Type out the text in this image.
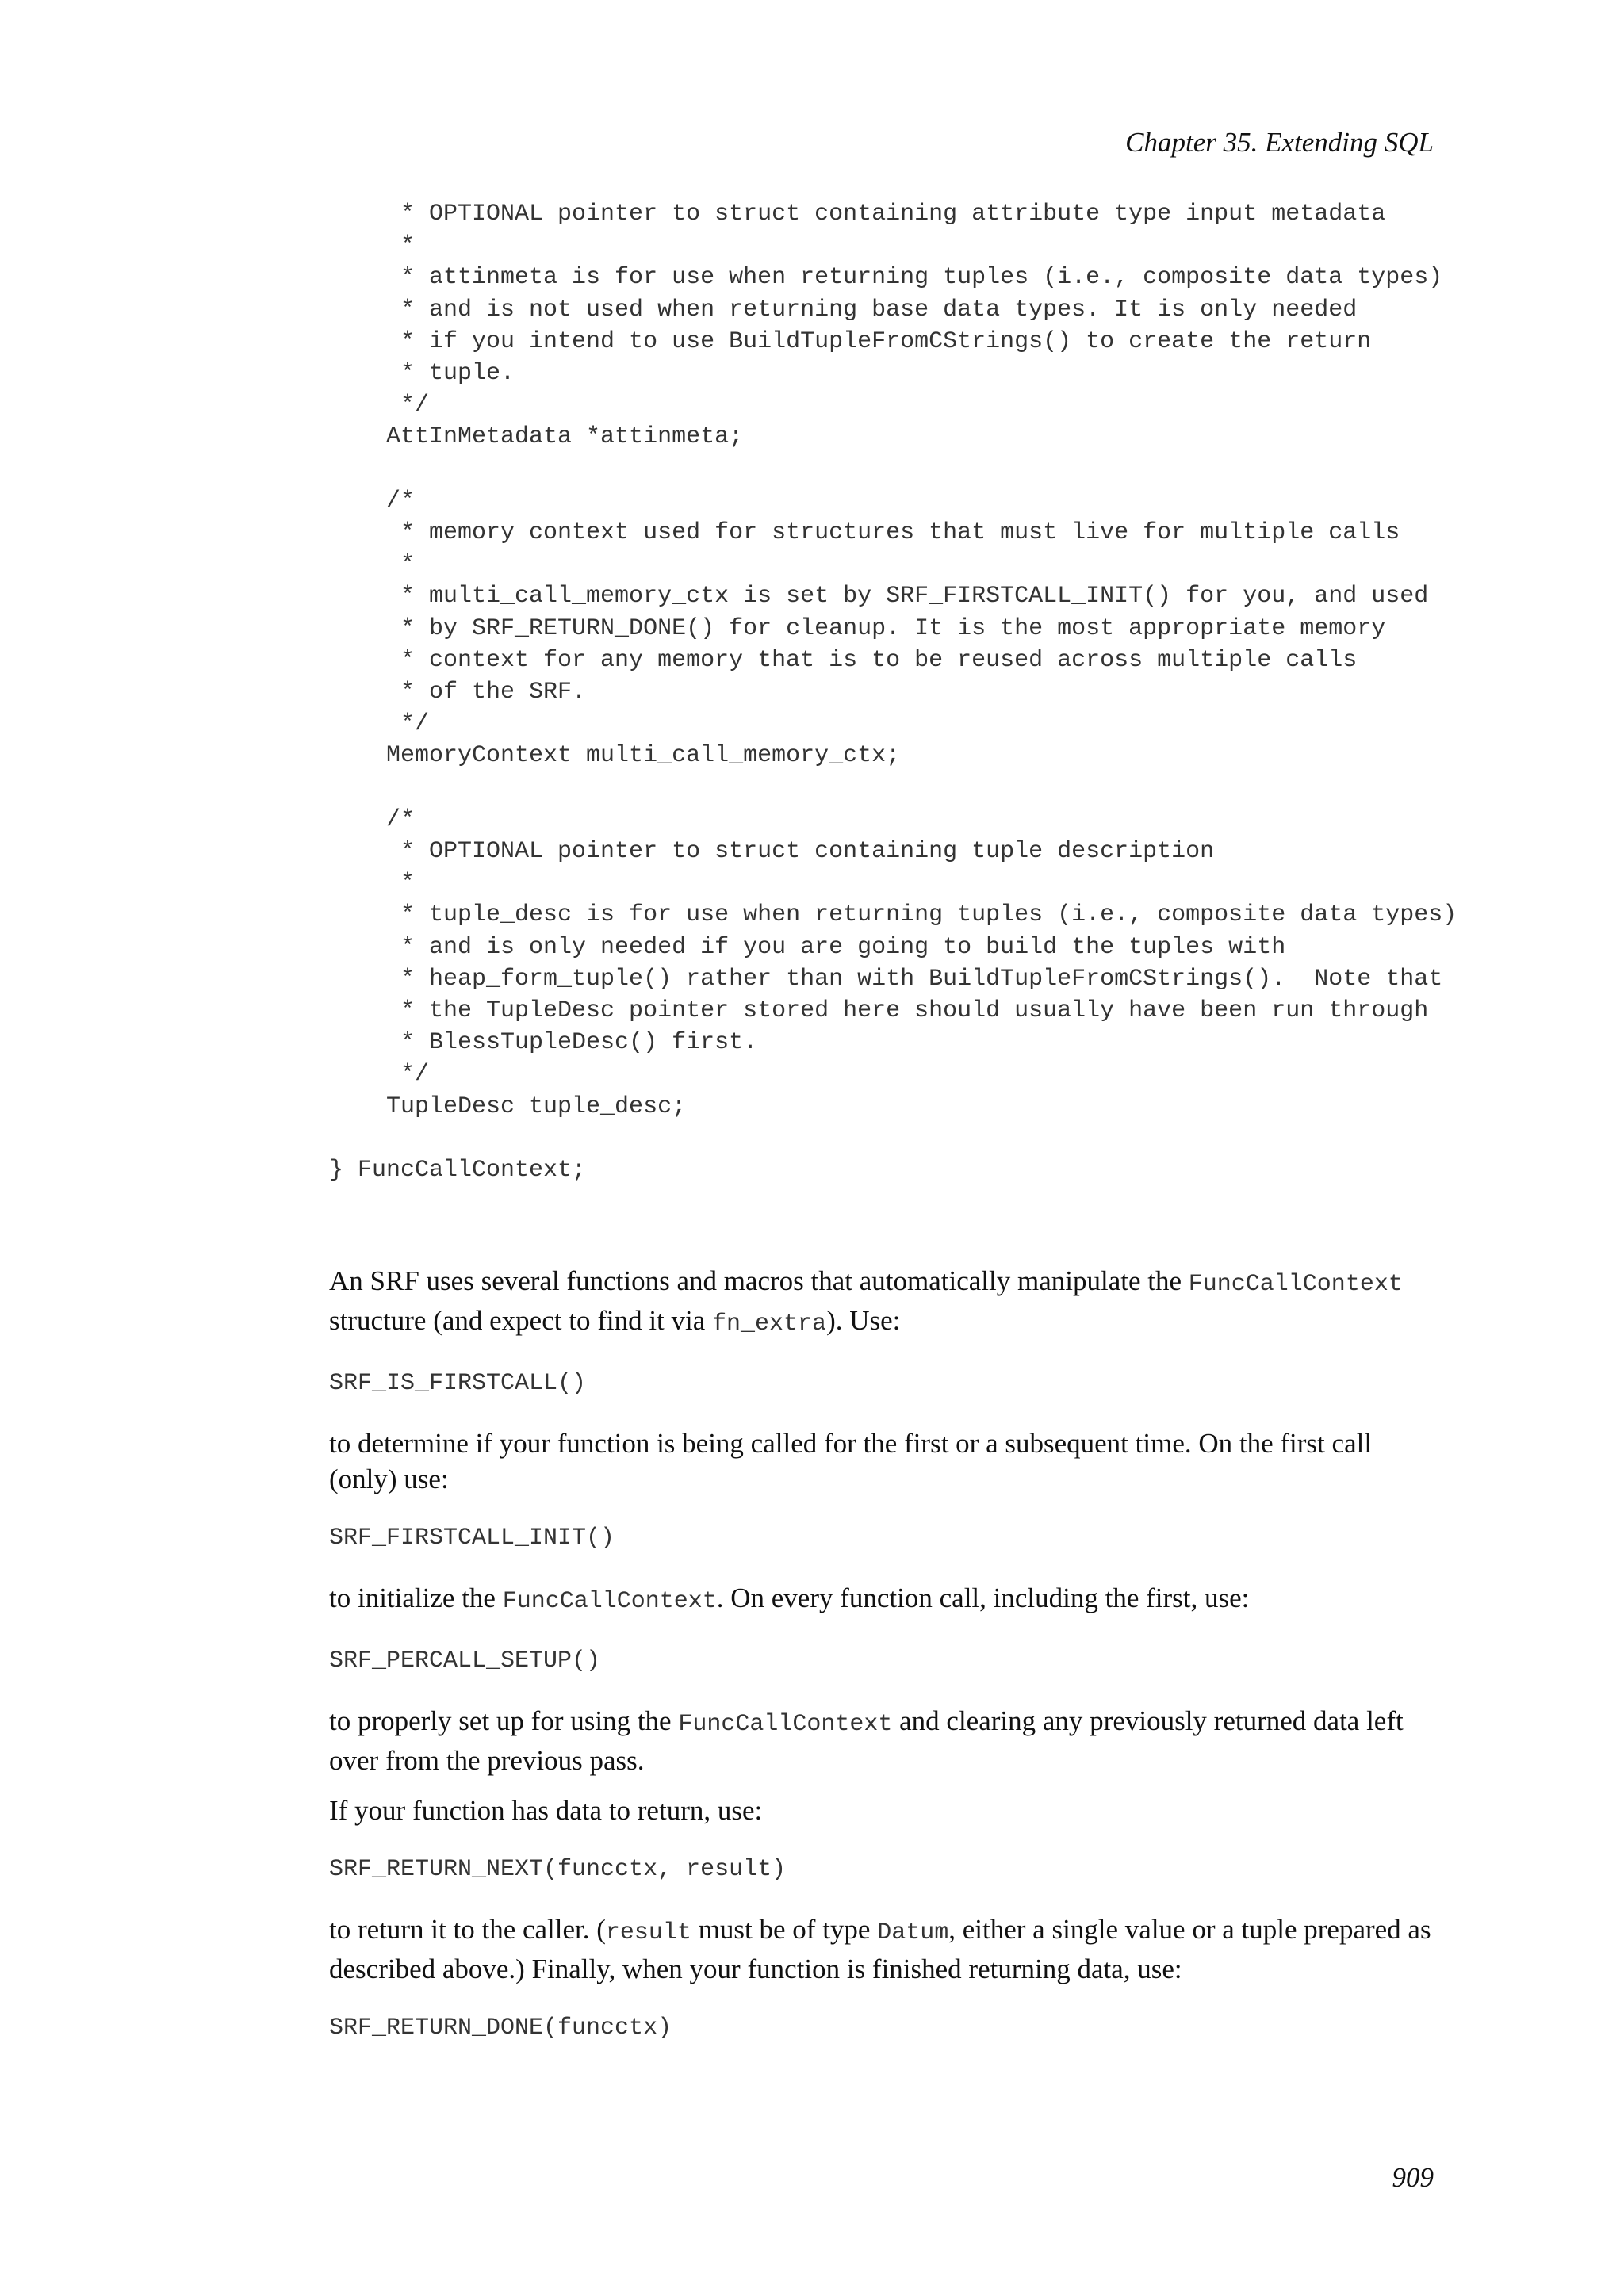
Chapter 35. Extending SQL
* OPTIONAL pointer to struct containing attribute type input metadata
*
* attinmeta is for use when returning tuples (i.e., composite data types)
* and is not used when returning base data types. It is only needed
* if you intend to use BuildTupleFromCStrings() to create the return
* tuple.
*/
AttInMetadata *attinmeta;

/*
* memory context used for structures that must live for multiple calls
*
* multi_call_memory_ctx is set by SRF_FIRSTCALL_INIT() for you, and used
* by SRF_RETURN_DONE() for cleanup. It is the most appropriate memory
* context for any memory that is to be reused across multiple calls
* of the SRF.
*/
MemoryContext multi_call_memory_ctx;

/*
* OPTIONAL pointer to struct containing tuple description
*
* tuple_desc is for use when returning tuples (i.e., composite data types)
* and is only needed if you are going to build the tuples with
* heap_form_tuple() rather than with BuildTupleFromCStrings().  Note that
* the TupleDesc pointer stored here should usually have been run through
* BlessTupleDesc() first.
*/
TupleDesc tuple_desc;

} FuncCallContext;

An SRF uses several functions and macros that automatically manipulate the FuncCallContext structure (and expect to find it via fn_extra). Use:

SRF_IS_FIRSTCALL()

to determine if your function is being called for the first or a subsequent time. On the first call (only) use:

SRF_FIRSTCALL_INIT()

to initialize the FuncCallContext. On every function call, including the first, use:

SRF_PERCALL_SETUP()

to properly set up for using the FuncCallContext and clearing any previously returned data left over from the previous pass.

If your function has data to return, use:

SRF_RETURN_NEXT(funcctx, result)

to return it to the caller. (result must be of type Datum, either a single value or a tuple prepared as described above.) Finally, when your function is finished returning data, use:

SRF_RETURN_DONE(funcctx)
909
